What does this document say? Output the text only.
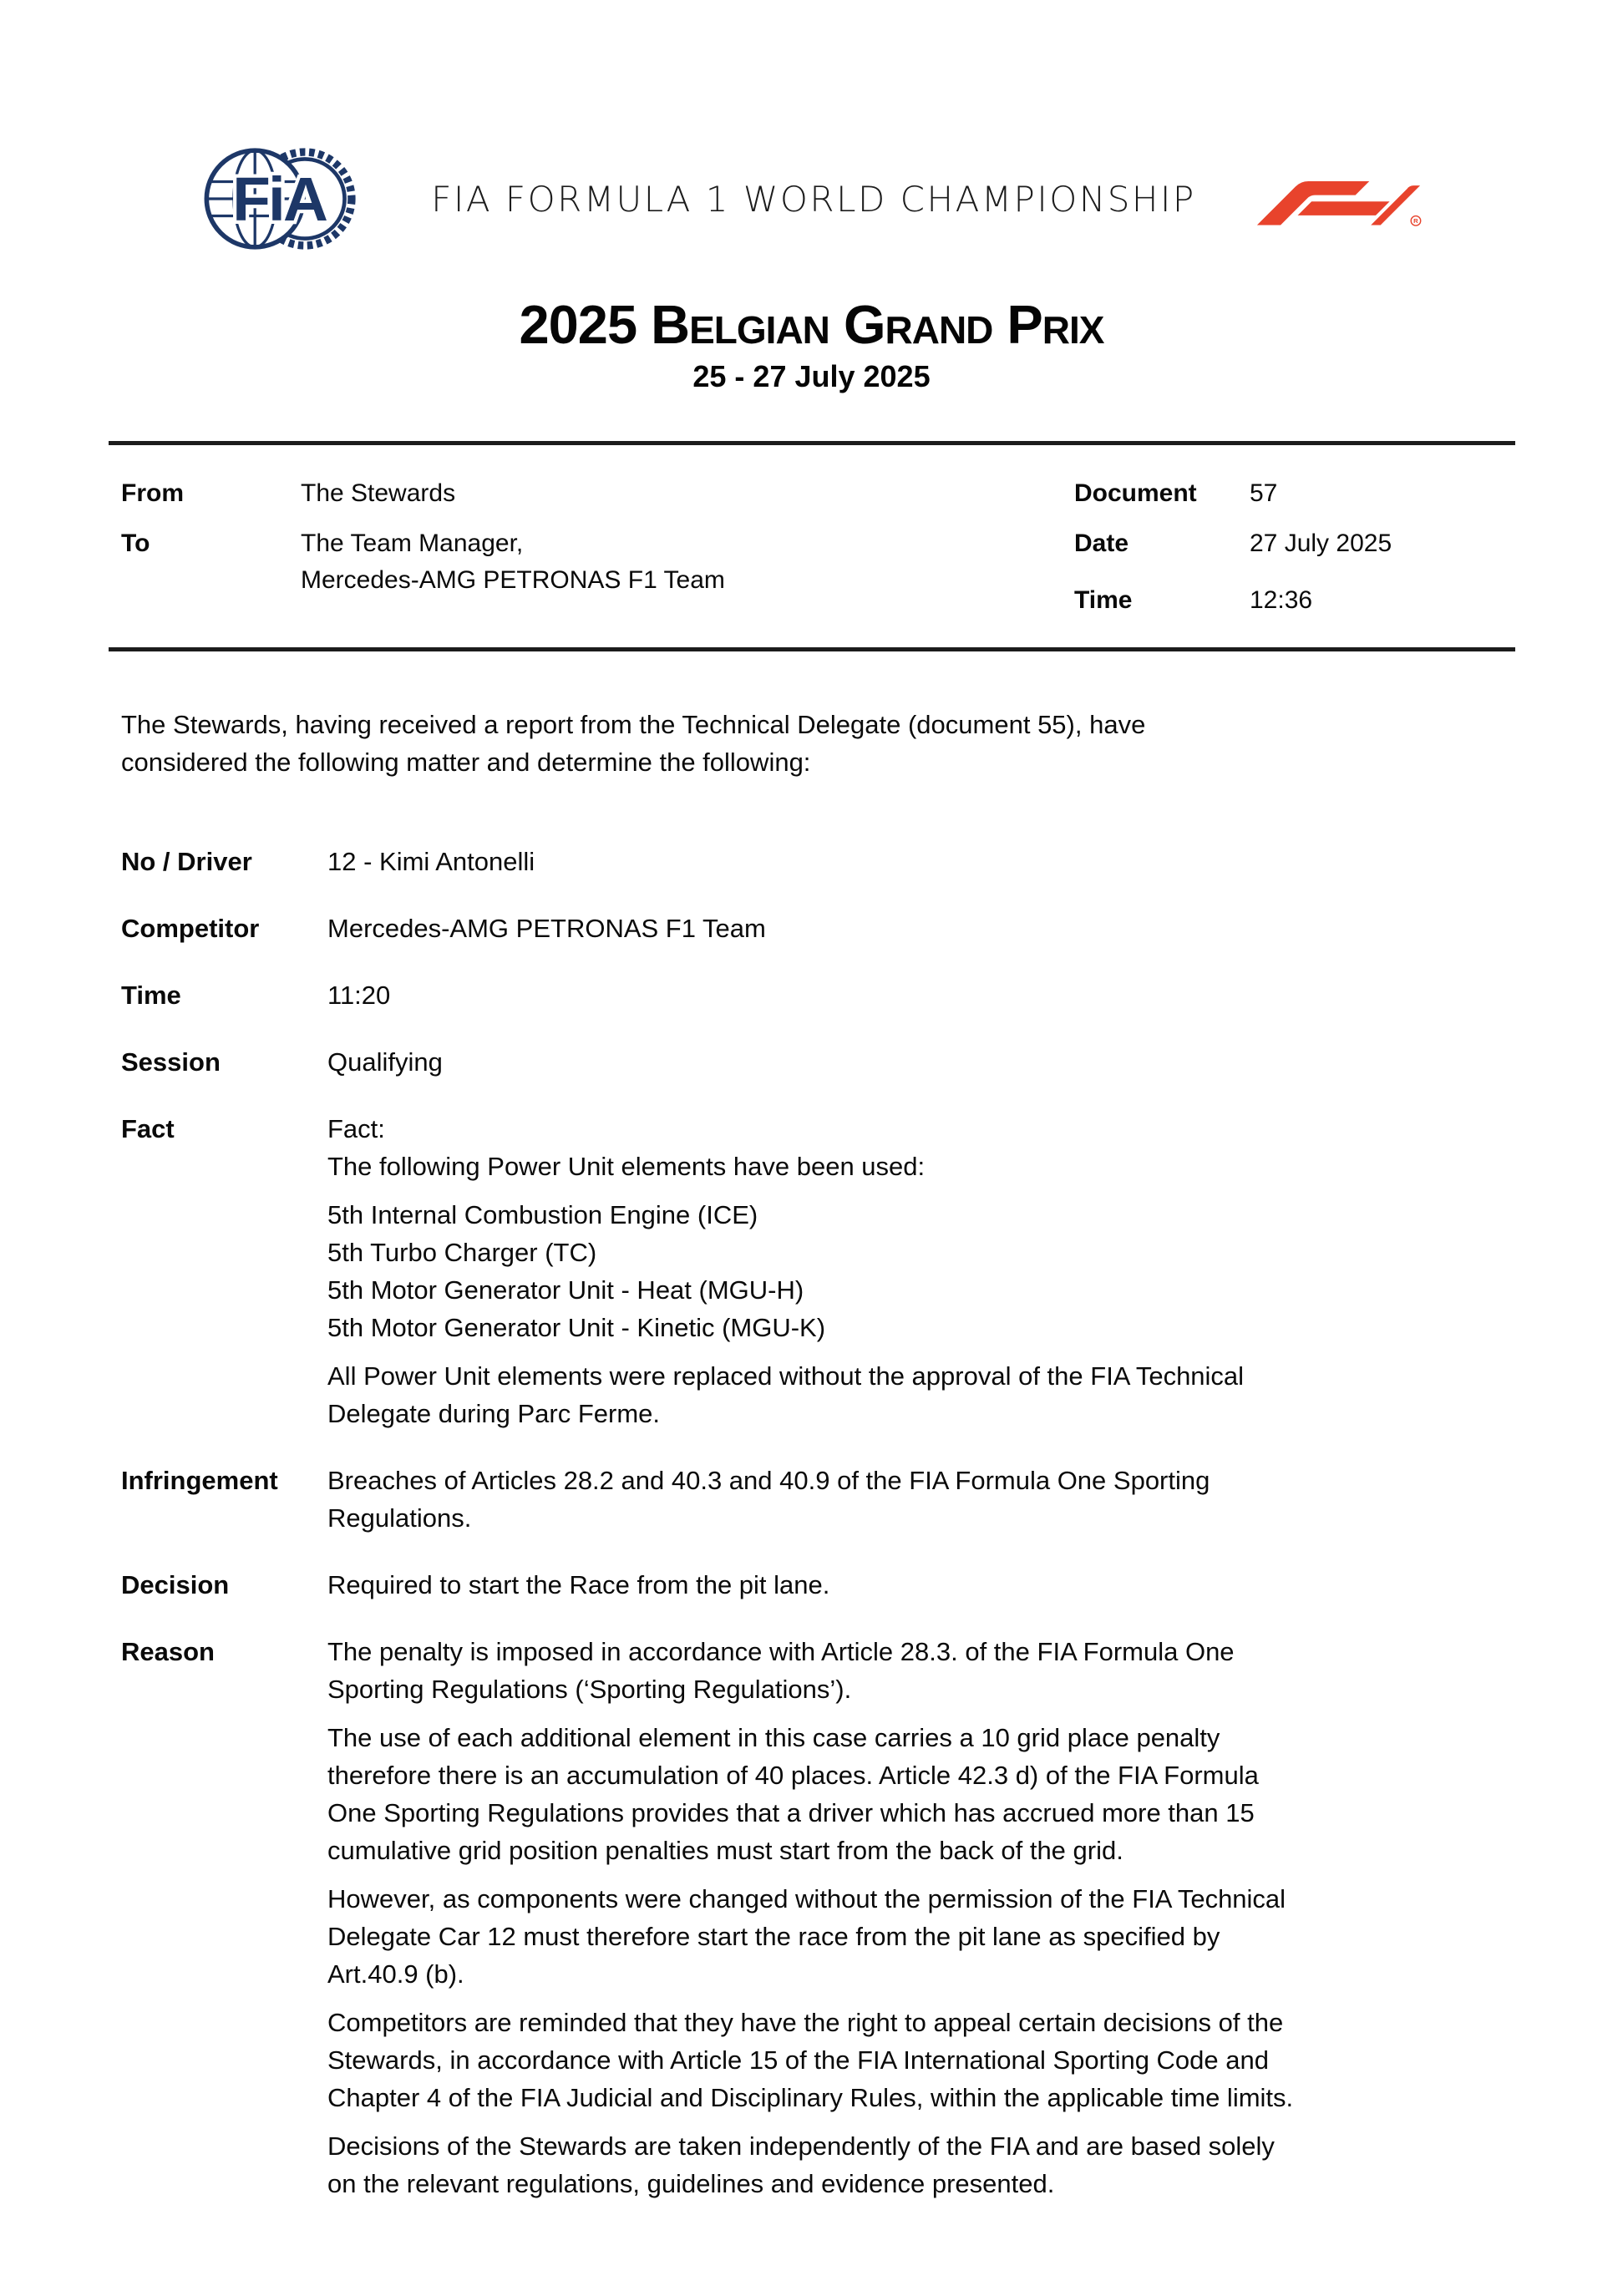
FiA	FIA FORMULA 1 WORLD CHAMPIONSHIP
R
2025 Belgian Grand Prix
25 - 27 July 2025
From	The Stewards
To	The Team Manager,
Mercedes-AMG PETRONAS F1 Team
Document 57
Date	27 July 2025
Time	12:36

The Stewards, having received a report from the Technical Delegate (document 55), have
considered the following matter and determine the following:

No / Driver	12 - Kimi Antonelli
Competitor	Mercedes-AMG PETRONAS F1 Team
Time	11:20
Session	Qualifying
Fact	Fact:
The following Power Unit elements have been used:
5th Internal Combustion Engine (ICE)
5th Turbo Charger (TC)
5th Motor Generator Unit - Heat (MGU-H)
5th Motor Generator Unit - Kinetic (MGU-K)
All Power Unit elements were replaced without the approval of the FIA Technical
Delegate during Parc Ferme.
Infringement	Breaches of Articles 28.2 and 40.3 and 40.9 of the FIA Formula One Sporting
Regulations.
Decision	Required to start the Race from the pit lane.
Reason	The penalty is imposed in accordance with Article 28.3. of the FIA Formula One
Sporting Regulations (‘Sporting Regulations’).
The use of each additional element in this case carries a 10 grid place penalty
therefore there is an accumulation of 40 places. Article 42.3 d) of the FIA Formula
One Sporting Regulations provides that a driver which has accrued more than 15
cumulative grid position penalties must start from the back of the grid.
However, as components were changed without the permission of the FIA Technical
Delegate Car 12 must therefore start the race from the pit lane as specified by
Art.40.9 (b).
Competitors are reminded that they have the right to appeal certain decisions of the
Stewards, in accordance with Article 15 of the FIA International Sporting Code and
Chapter 4 of the FIA Judicial and Disciplinary Rules, within the applicable time limits.
Decisions of the Stewards are taken independently of the FIA and are based solely
on the relevant regulations, guidelines and evidence presented.
